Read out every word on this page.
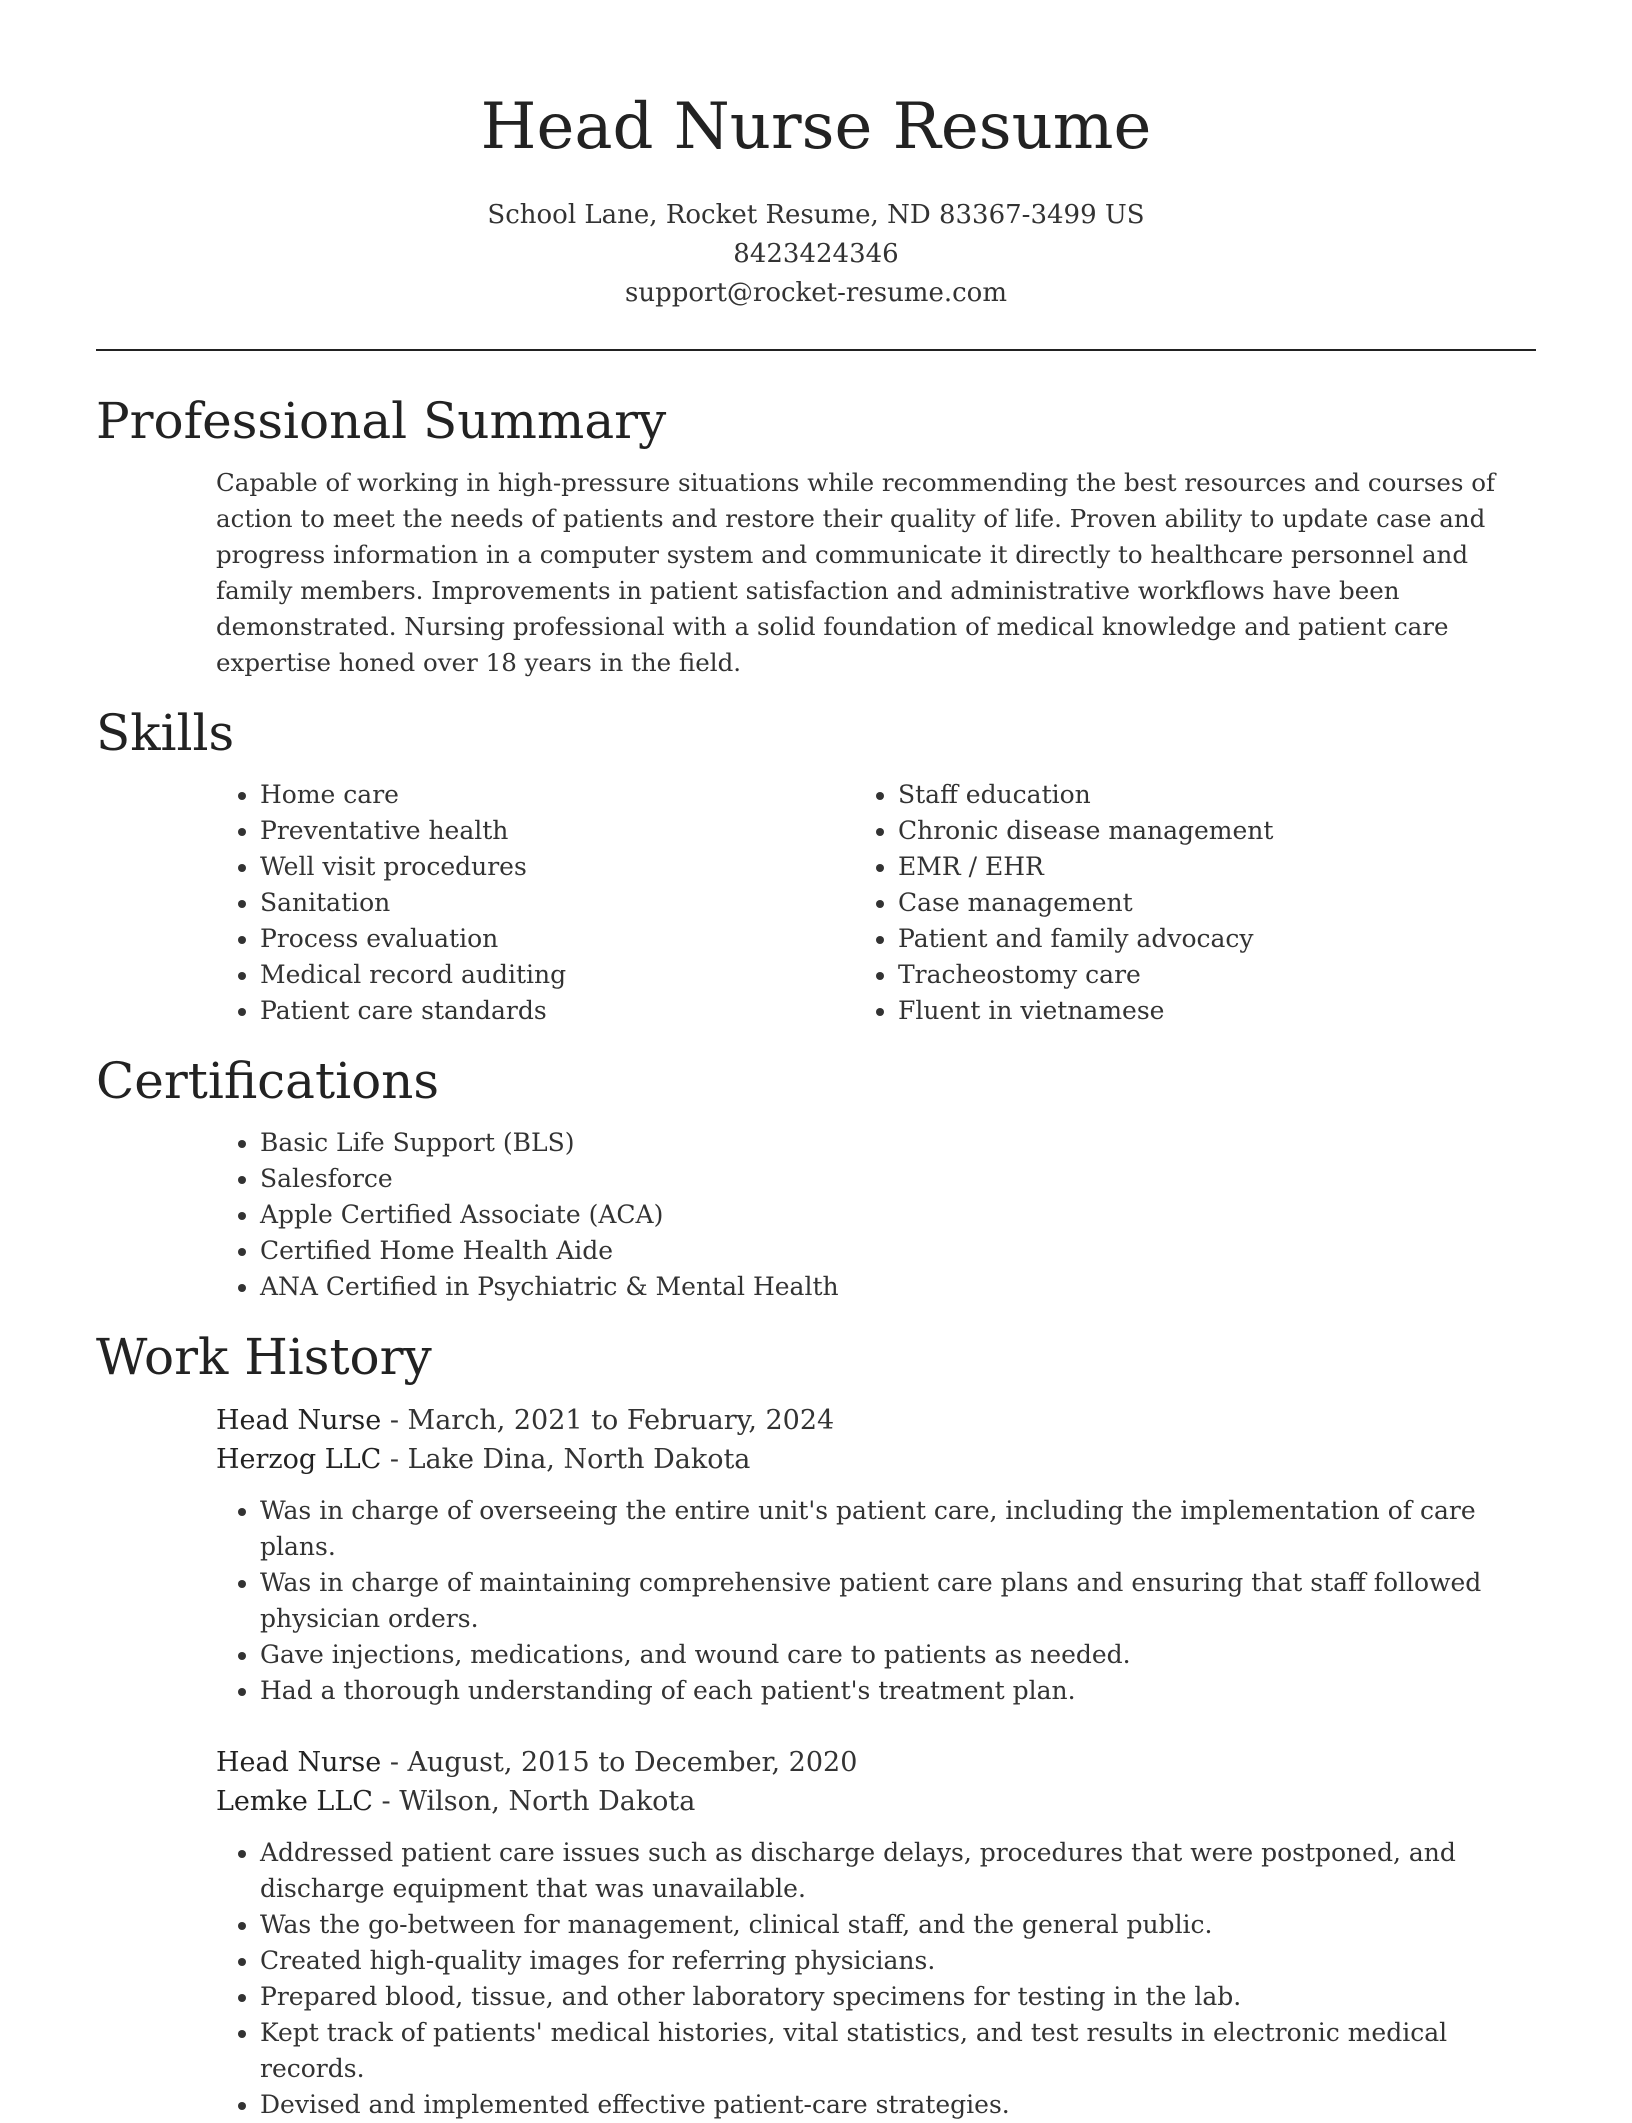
Head Nurse Resume
School Lane, Rocket Resume, ND 83367-3499 US
8423424346
support@rocket-resume.com
Professional Summary

Capable of working in high-pressure situations while recommending the best resources and courses of action to meet the needs of patients and restore their quality of life. Proven ability to update case and progress information in a computer system and communicate it directly to healthcare personnel and family members. Improvements in patient satisfaction and administrative workflows have been demonstrated. Nursing professional with a solid foundation of medical knowledge and patient care expertise honed over 18 years in the field.

Skills
• Home care
• Preventative health
• Well visit procedures
• Sanitation
• Process evaluation
• Medical record auditing
• Patient care standards
• Staff education
• Chronic disease management
• EMR / EHR
• Case management
• Patient and family advocacy
• Tracheostomy care
• Fluent in vietnamese
Certifications
• Basic Life Support (BLS)
• Salesforce
• Apple Certified Associate (ACA)
• Certified Home Health Aide
• ANA Certified in Psychiatric & Mental Health
Work History
Head Nurse - March, 2021 to February, 2024
Herzog LLC - Lake Dina, North Dakota
• Was in charge of overseeing the entire unit's patient care, including the implementation of care plans.
• Was in charge of maintaining comprehensive patient care plans and ensuring that staff followed physician orders.
• Gave injections, medications, and wound care to patients as needed.
• Had a thorough understanding of each patient's treatment plan.
Head Nurse - August, 2015 to December, 2020
Lemke LLC - Wilson, North Dakota
• Addressed patient care issues such as discharge delays, procedures that were postponed, and discharge equipment that was unavailable.
• Was the go-between for management, clinical staff, and the general public.
• Created high-quality images for referring physicians.
• Prepared blood, tissue, and other laboratory specimens for testing in the lab.
• Kept track of patients' medical histories, vital statistics, and test results in electronic medical records.
• Devised and implemented effective patient-care strategies.
